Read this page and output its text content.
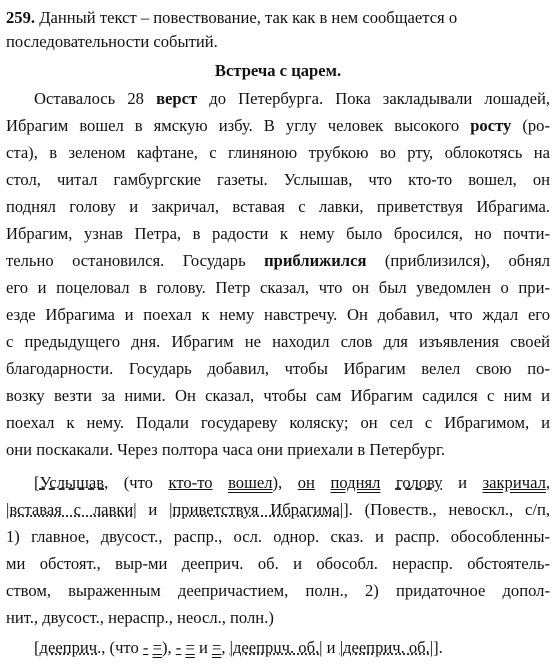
259. Данный текст – повествование, так как в нем сообщается о
последовательности событий.
Встреча с царем.
Оставалось 28 верст до Петербурга. Пока закладывали лошадей,
Ибрагим вошел в ямскую избу. В углу человек высокого росту (ро-
ста), в зеленом кафтане, с глиняною трубкою во рту, облокотясь на
стол, читал гамбургские газеты. Услышав, что кто-то вошел, он
поднял голову и закричал, вставая с лавки, приветствуя Ибрагима.
Ибрагим, узнав Петра, в радости к нему было бросился, но почти-
тельно остановился. Государь приближился (приблизился), обнял
его и поцеловал в голову. Петр сказал, что он был уведомлен о при-
езде Ибрагима и поехал к нему навстречу. Он добавил, что ждал его
с предыдущего дня. Ибрагим не находил слов для изъявления своей
благодарности. Государь добавил, чтобы Ибрагим велел свою по-
возку везти за ними. Он сказал, чтобы сам Ибрагим садился с ним и
поехал к нему. Подали государеву коляску; он сел с Ибрагимом, и
они поскакали. Через полтора часа они приехали в Петербург.
[Услышав, (что кто-то вошел), он поднял голову и закричал,
|вставая с лавки| и |приветствуя Ибрагима|]. (Повеств., невоскл., с/п,
1) главное, двусост., распр., осл. однор. сказ. и распр. обособленны-
ми обстоят., выр-ми дееприч. об. и обособл. нераспр. обстоятель-
ством, выраженным деепричастием, полн., 2) придаточное допол-
нит., двусост., нераспр., неосл., полн.)
[дееприч., (что - =), - = и =, |деепрuч. об.| и |дееприч. об.|].
